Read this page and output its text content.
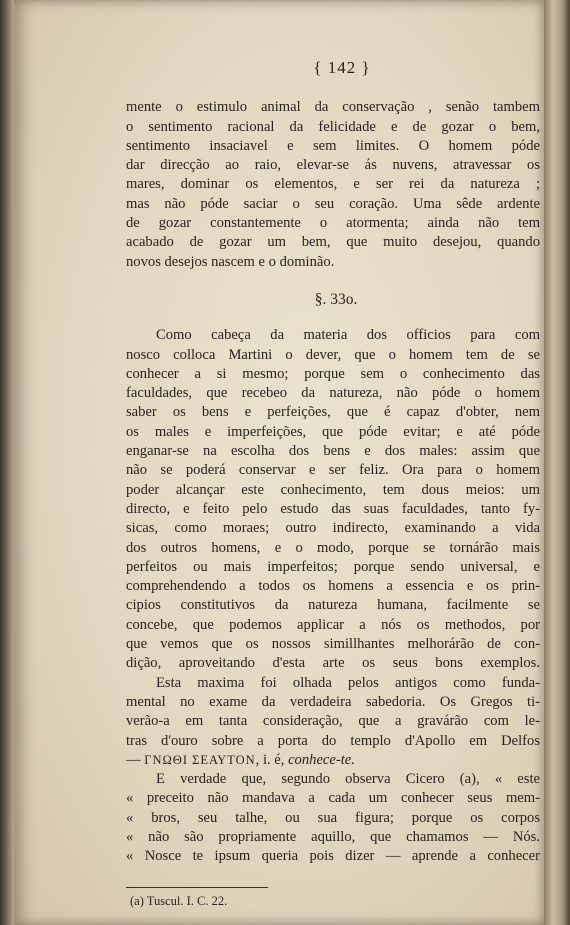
{ 142 }
mente o estimulo animal da conservação , senão tambem
o sentimento racional da felicidade e de gozar o bem,
sentimento insaciavel e sem limites. O homem póde
dar direcção ao raio, elevar-se ás nuvens, atravessar os
mares, dominar os elementos, e ser rei da natureza ;
mas não póde saciar o seu coração. Uma sêde ardente
de gozar constantemente o atormenta; ainda não tem
acabado de gozar um bem, que muito desejou, quando
novos desejos nascem e o dominão.
§. 33o.
Como cabeça da materia dos officios para com
nosco colloca Martini o dever, que o homem tem de se
conhecer a si mesmo; porque sem o conhecimento das
faculdades, que recebeo da natureza, não póde o homem
saber os bens e perfeições, que é capaz d'obter, nem
os males e imperfeições, que póde evitar; e até póde
enganar-se na escolha dos bens e dos males: assim que
não se poderá conservar e ser feliz. Ora para o homem
poder alcançar este conhecimento, tem dous meios: um
directo, e feito pelo estudo das suas faculdades, tanto fy-
sicas, como moraes; outro indirecto, examinando a vida
dos outros homens, e o modo, porque se tornárão mais
perfeitos ou mais imperfeitos; porque sendo universal, e
comprehendendo a todos os homens a essencia e os prin-
cipios constitutivos da natureza humana, facilmente se
concebe, que podemos applicar a nós os methodos, por
que vemos que os nossos simillhantes melhorárão de con-
dição, aproveitando d'esta arte os seus bons exemplos.
Esta maxima foi olhada pelos antigos como funda-
mental no exame da verdadeira sabedoria. Os Gregos ti-
verão-a em tanta consideração, que a gravárão com le-
tras d'ouro sobre a porta do templo d'Apollo em Delfos
— ΓΝΩΘΙ ΣΕΑΥΤΟΝ, i. é, conhece-te.
E verdade que, segundo observa Cicero (a), « este
« preceito não mandava a cada um conhecer seus mem-
« bros, seu talhe, ou sua figura; porque os corpos
« não são propriamente aquillo, que chamamos — Nós.
« Nosce te ipsum queria pois dizer — aprende a conhecer
(a) Tuscul. I. C. 22.
